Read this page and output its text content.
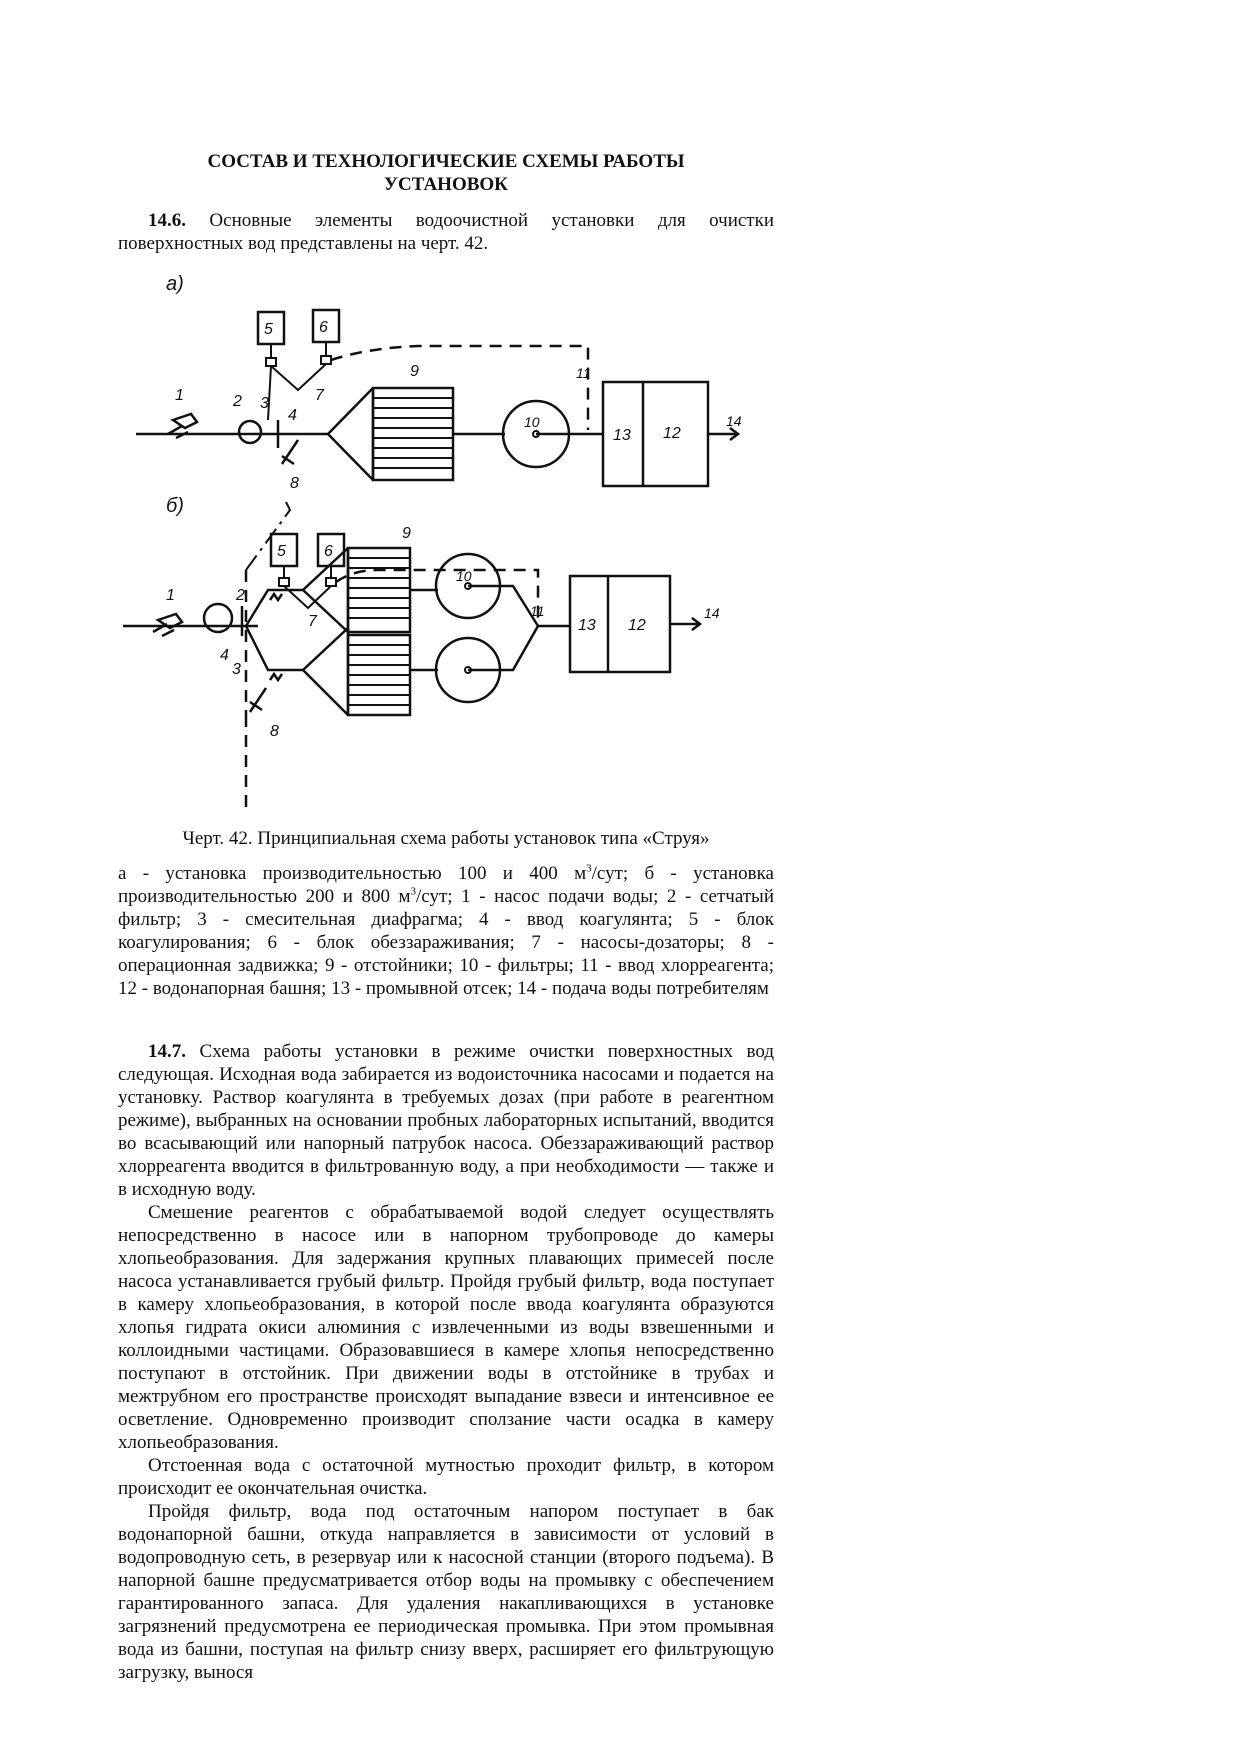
СОСТАВ И ТЕХНОЛОГИЧЕСКИЕ СХЕМЫ РАБОТЫ
УСТАНОВОК
14.6. Основные элементы водоочистной установки для очистки поверхностных вод представлены на черт. 42.
а)
1	2 3
4
5	6
7
8
9
10
11
13 12
14
б)
1	2
4
3
5 6
7
8
9
10
11
13 12
14
Черт. 42. Принципиальная схема работы установок типа «Струя»
а - установка производительностью 100 и 400 $м^3$/сут; б - установка производительностью 200 и 800 $м^3$/сут; 1 - насос подачи воды; 2 - сетчатый фильтр; 3 - смесительная диафрагма; 4 - ввод коагулянта; 5 - блок коагулирования; 6 - блок обеззараживания; 7 - насосы-дозаторы; 8 - операционная задвижка; 9 - отстойники; 10 - фильтры; 11 - ввод хлорреагента; 12 - водонапорная башня; 13 - промывной отсек; 14 - подача воды потребителям
14.7. Схема работы установки в режиме очистки поверхностных вод следующая. Исходная вода забирается из водоисточника насосами и подается на установку. Раствор коагулянта в требуемых дозах (при работе в реагентном режиме), выбранных на основании пробных лабораторных испытаний, вводится во всасывающий или напорный патрубок насоса. Обеззараживающий раствор хлорреагента вводится в фильтрованную воду, а при необходимости — также и в исходную воду.
Смешение реагентов с обрабатываемой водой следует осуществлять непосредственно в насосе или в напорном трубопроводе до камеры хлопьеобразования. Для задержания крупных плавающих примесей после насоса устанавливается грубый фильтр. Пройдя грубый фильтр, вода поступает в камеру хлопьеобразования, в которой после ввода коагулянта образуются хлопья гидрата окиси алюминия с извлеченными из воды взвешенными и коллоидными частицами. Образовавшиеся в камере хлопья непосредственно поступают в отстойник. При движении воды в отстойнике в трубах и межтрубном его пространстве происходят выпадание взвеси и интенсивное ее осветление. Одновременно производит сползание части осадка в камеру хлопьеобразования.
Отстоенная вода с остаточной мутностью проходит фильтр, в котором происходит ее окончательная очистка.
Пройдя фильтр, вода под остаточным напором поступает в бак водонапорной башни, откуда направляется в зависимости от условий в водопроводную сеть, в резервуар или к насосной станции (второго подъема). В напорной башне предусматривается отбор воды на промывку с обеспечением гарантированного запаса. Для удаления накапливающихся в установке загрязнений предусмотрена ее периодическая промывка. При этом промывная вода из башни, поступая на фильтр снизу вверх, расширяет его фильтрующую загрузку, вынося
